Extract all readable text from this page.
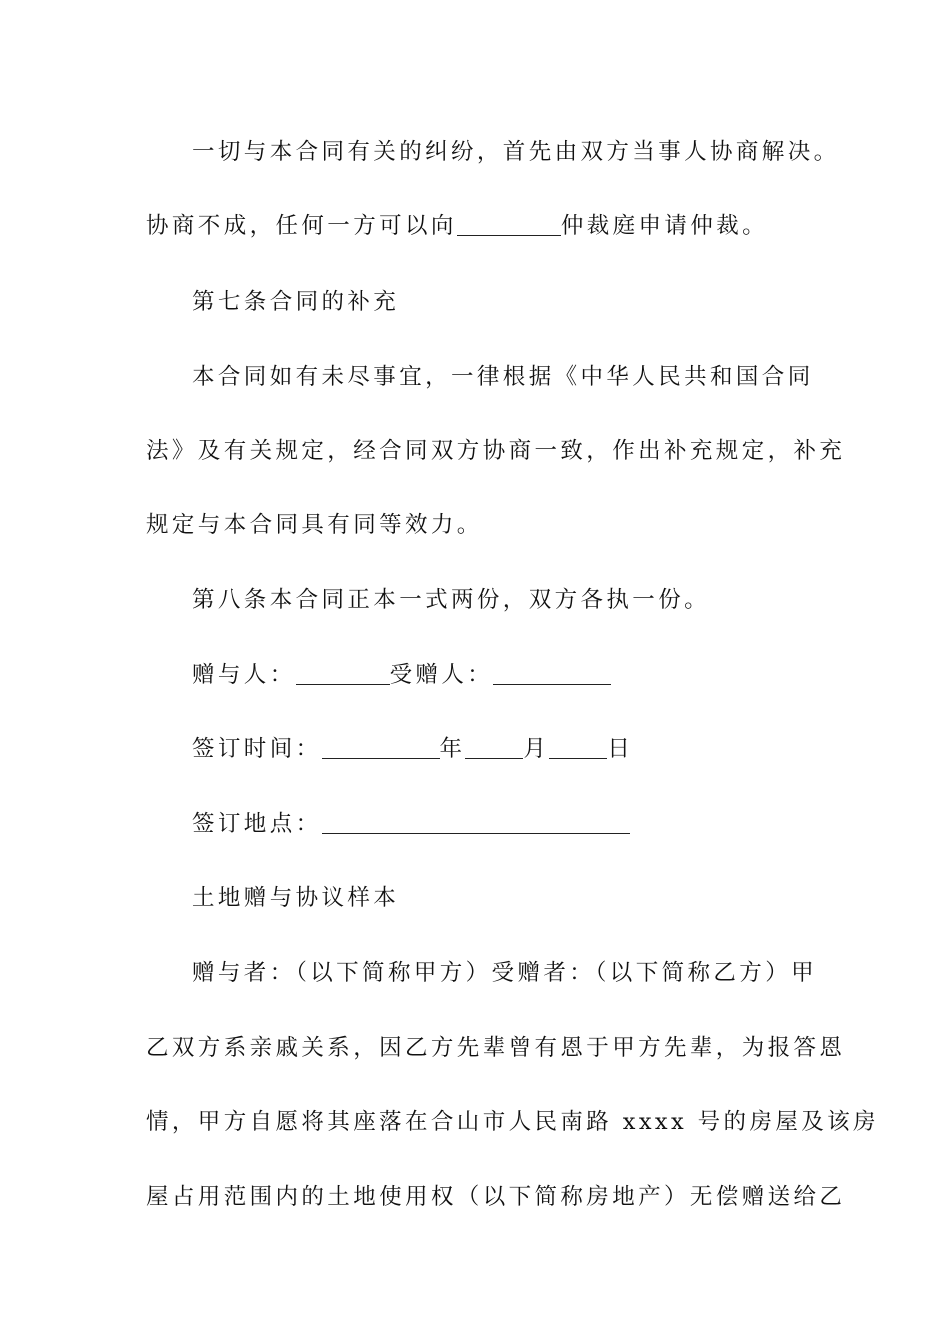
一切与本合同有关的纠纷，首先由双方当事人协商解决。
协商不成，任何一方可以向	仲裁庭申请仲裁。
第七条合同的补充
本合同如有未尽事宜，一律根据《中华人民共和国合同
法》及有关规定，经合同双方协商一致，作出补充规定，补充
规定与本合同具有同等效力。
第八条本合同正本一式两份，双方各执一份。
赠与人：	受赠人：
签订时间：	年	月	日
签订地点：
土地赠与协议样本
赠与者：（以下简称甲方）受赠者：（以下简称乙方）甲
乙双方系亲戚关系，因乙方先辈曾有恩于甲方先辈，为报答恩
情，甲方自愿将其座落在合山市人民南路 xxxx 号的房屋及该房
屋占用范围内的土地使用权（以下简称房地产）无偿赠送给乙
